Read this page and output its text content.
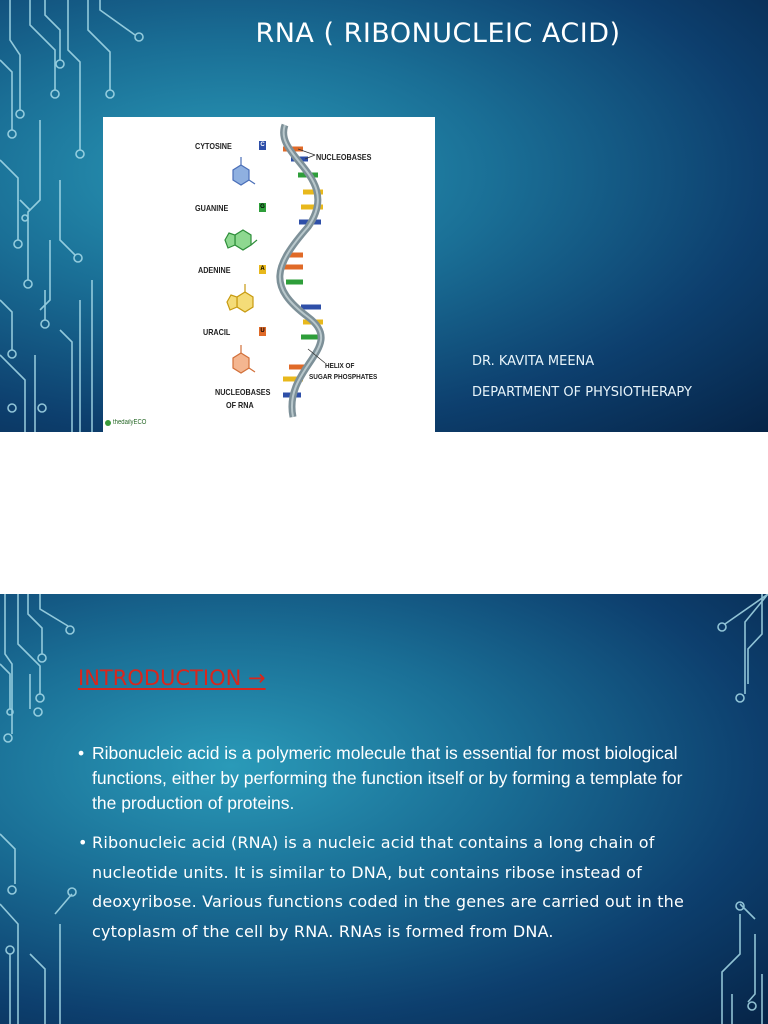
RNA ( RIBONUCLEIC ACID)
CYTOSINE	C
GUANINE	G
ADENINE	A
URACIL	U
NUCLEOBASES
OF RNA
NUCLEOBASES
HELIX OF
SUGAR PHOSPHATES
thedailyECO
DR. KAVITA MEENA
DEPARTMENT OF PHYSIOTHERAPY
INTRODUCTION →
• Ribonucleic acid is a polymeric molecule that is essential for most biological functions, either by performing the function itself or by forming a template for the production of proteins.
• Ribonucleic acid (RNA) is a nucleic acid that contains a long chain of nucleotide units. It is similar to DNA, but contains ribose instead of deoxyribose. Various functions coded in the genes are carried out in the cytoplasm of the cell by RNA. RNAs is formed from DNA.
